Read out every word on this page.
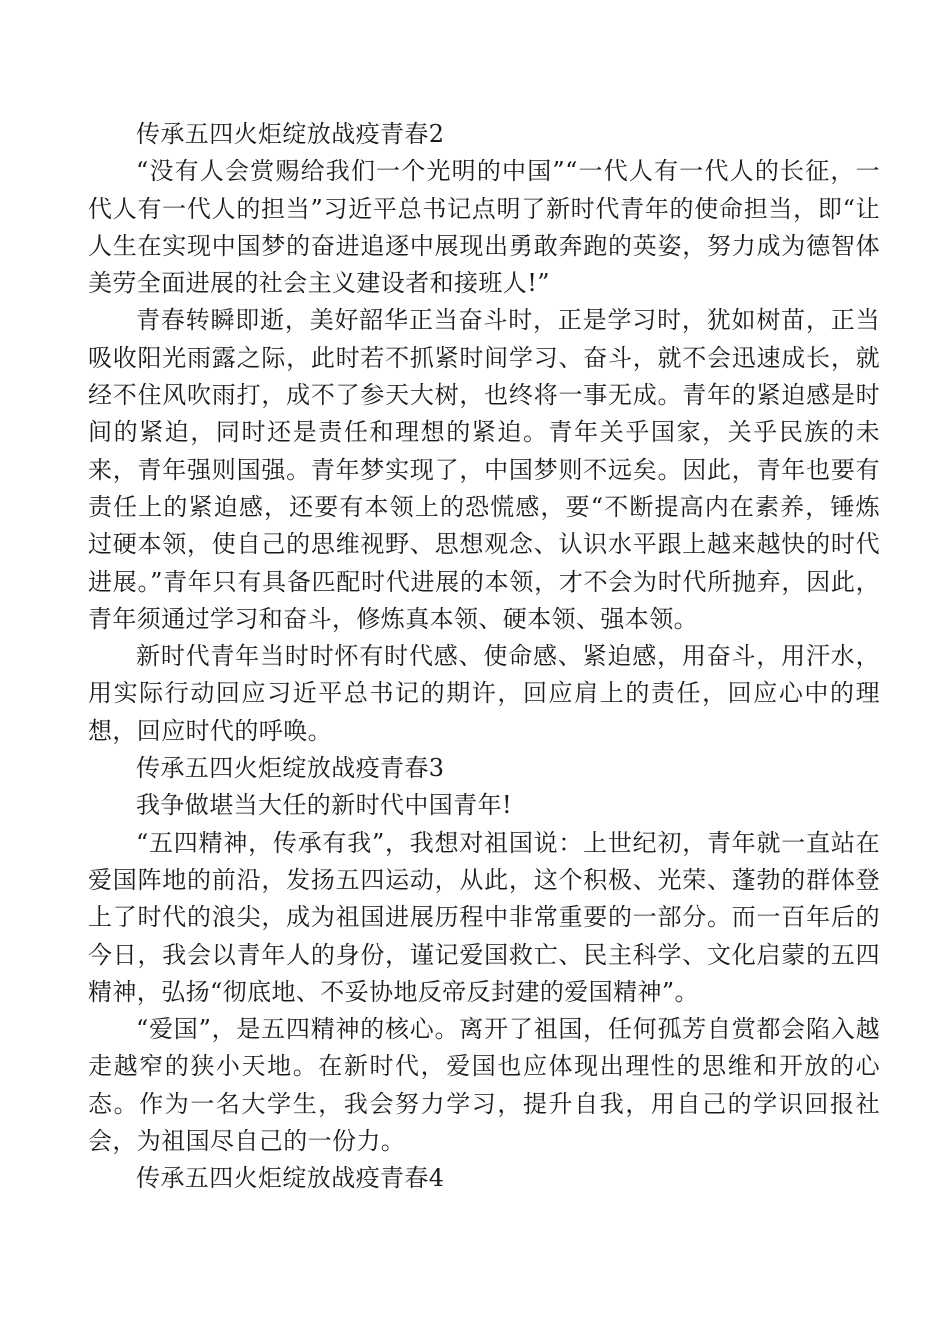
传承五四火炬绽放战疫青春2

“没有人会赏赐给我们一个光明的中国”“一代人有一代人的长征，一代人有一代人的担当”习近平总书记点明了新时代青年的使命担当，即“让人生在实现中国梦的奋进追逐中展现出勇敢奔跑的英姿，努力成为德智体美劳全面进展的社会主义建设者和接班人!”

青春转瞬即逝，美好韶华正当奋斗时，正是学习时，犹如树苗，正当吸收阳光雨露之际，此时若不抓紧时间学习、奋斗，就不会迅速成长，就经不住风吹雨打，成不了参天大树，也终将一事无成。青年的紧迫感是时间的紧迫，同时还是责任和理想的紧迫。青年关乎国家，关乎民族的未来，青年强则国强。青年梦实现了，中国梦则不远矣。因此，青年也要有责任上的紧迫感，还要有本领上的恐慌感，要“不断提高内在素养，锤炼过硬本领，使自己的思维视野、思想观念、认识水平跟上越来越快的时代进展。”青年只有具备匹配时代进展的本领，才不会为时代所抛弃，因此，青年须通过学习和奋斗，修炼真本领、硬本领、强本领。

新时代青年当时时怀有时代感、使命感、紧迫感，用奋斗，用汗水，用实际行动回应习近平总书记的期许，回应肩上的责任，回应心中的理想，回应时代的呼唤。

传承五四火炬绽放战疫青春3

我争做堪当大任的新时代中国青年!

“五四精神，传承有我”，我想对祖国说：上世纪初，青年就一直站在爱国阵地的前沿，发扬五四运动，从此，这个积极、光荣、蓬勃的群体登上了时代的浪尖，成为祖国进展历程中非常重要的一部分。而一百年后的今日，我会以青年人的身份，谨记爱国救亡、民主科学、文化启蒙的五四精神，弘扬“彻底地、不妥协地反帝反封建的爱国精神”。

“爱国”，是五四精神的核心。离开了祖国，任何孤芳自赏都会陷入越走越窄的狭小天地。在新时代，爱国也应体现出理性的思维和开放的心态。作为一名大学生，我会努力学习，提升自我，用自己的学识回报社会，为祖国尽自己的一份力。

传承五四火炬绽放战疫青春4
